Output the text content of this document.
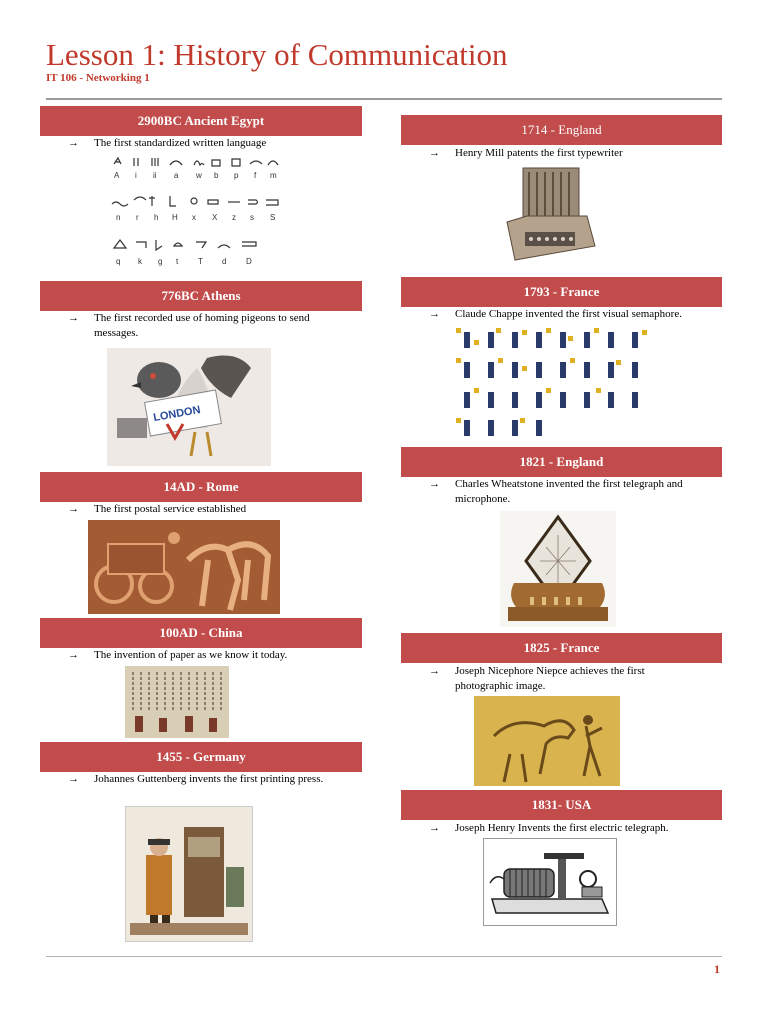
Lesson 1: History of Communication
IT 106 - Networking 1
2900BC Ancient Egypt
→ The first standardized written language
A i ii a w b p f m
n r h H x X z s S
q k g t T d D
776BC Athens
→ The first recorded use of homing pigeons to send messages.
LONDON
14AD - Rome
→ The first postal service established
100AD - China
→ The invention of paper as we know it today.
1455 - Germany
→ Johannes Guttenberg invents the first printing press.
1714 - England
→ Henry Mill patents the first typewriter
1793 - France
→ Claude Chappe invented the first visual semaphore.
1821 - England
→ Charles Wheatstone invented the first telegraph and microphone.
1825 - France
→ Joseph Nicephore Niepce achieves the first photographic image.
1831- USA
→ Joseph Henry Invents the first electric telegraph.
1
